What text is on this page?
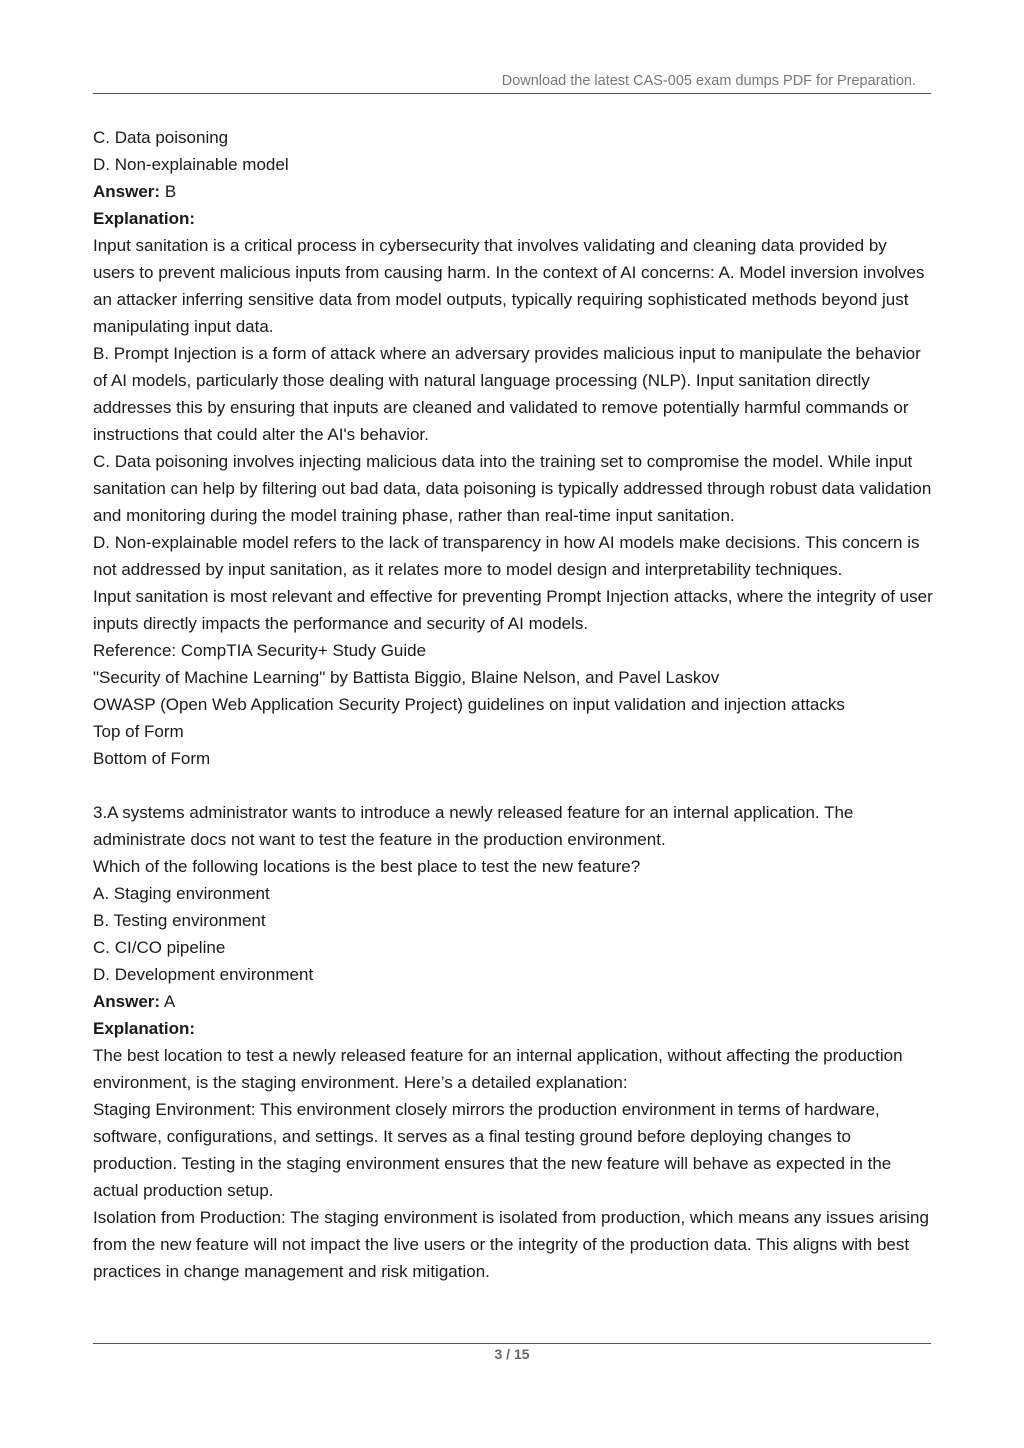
Download the latest CAS-005 exam dumps PDF for Preparation.

C. Data poisoning

D. Non-explainable model

Answer: B

Explanation:

Input sanitation is a critical process in cybersecurity that involves validating and cleaning data provided by users to prevent malicious inputs from causing harm. In the context of AI concerns: A. Model inversion involves an attacker inferring sensitive data from model outputs, typically requiring sophisticated methods beyond just manipulating input data.

B. Prompt Injection is a form of attack where an adversary provides malicious input to manipulate the behavior of AI models, particularly those dealing with natural language processing (NLP). Input sanitation directly addresses this by ensuring that inputs are cleaned and validated to remove potentially harmful commands or instructions that could alter the AI's behavior.

C. Data poisoning involves injecting malicious data into the training set to compromise the model. While input sanitation can help by filtering out bad data, data poisoning is typically addressed through robust data validation and monitoring during the model training phase, rather than real-time input sanitation.

D. Non-explainable model refers to the lack of transparency in how AI models make decisions. This concern is not addressed by input sanitation, as it relates more to model design and interpretability techniques.

Input sanitation is most relevant and effective for preventing Prompt Injection attacks, where the integrity of user inputs directly impacts the performance and security of AI models.

Reference: CompTIA Security+ Study Guide

"Security of Machine Learning" by Battista Biggio, Blaine Nelson, and Pavel Laskov

OWASP (Open Web Application Security Project) guidelines on input validation and injection attacks

Top of Form

Bottom of Form

3.A systems administrator wants to introduce a newly released feature for an internal application. The administrate docs not want to test the feature in the production environment.

Which of the following locations is the best place to test the new feature?

A. Staging environment

B. Testing environment

C. CI/CO pipeline

D. Development environment

Answer: A

Explanation:

The best location to test a newly released feature for an internal application, without affecting the production environment, is the staging environment. Here’s a detailed explanation:

Staging Environment: This environment closely mirrors the production environment in terms of hardware, software, configurations, and settings. It serves as a final testing ground before deploying changes to production. Testing in the staging environment ensures that the new feature will behave as expected in the actual production setup.

Isolation from Production: The staging environment is isolated from production, which means any issues arising from the new feature will not impact the live users or the integrity of the production data. This aligns with best practices in change management and risk mitigation.

3 / 15
